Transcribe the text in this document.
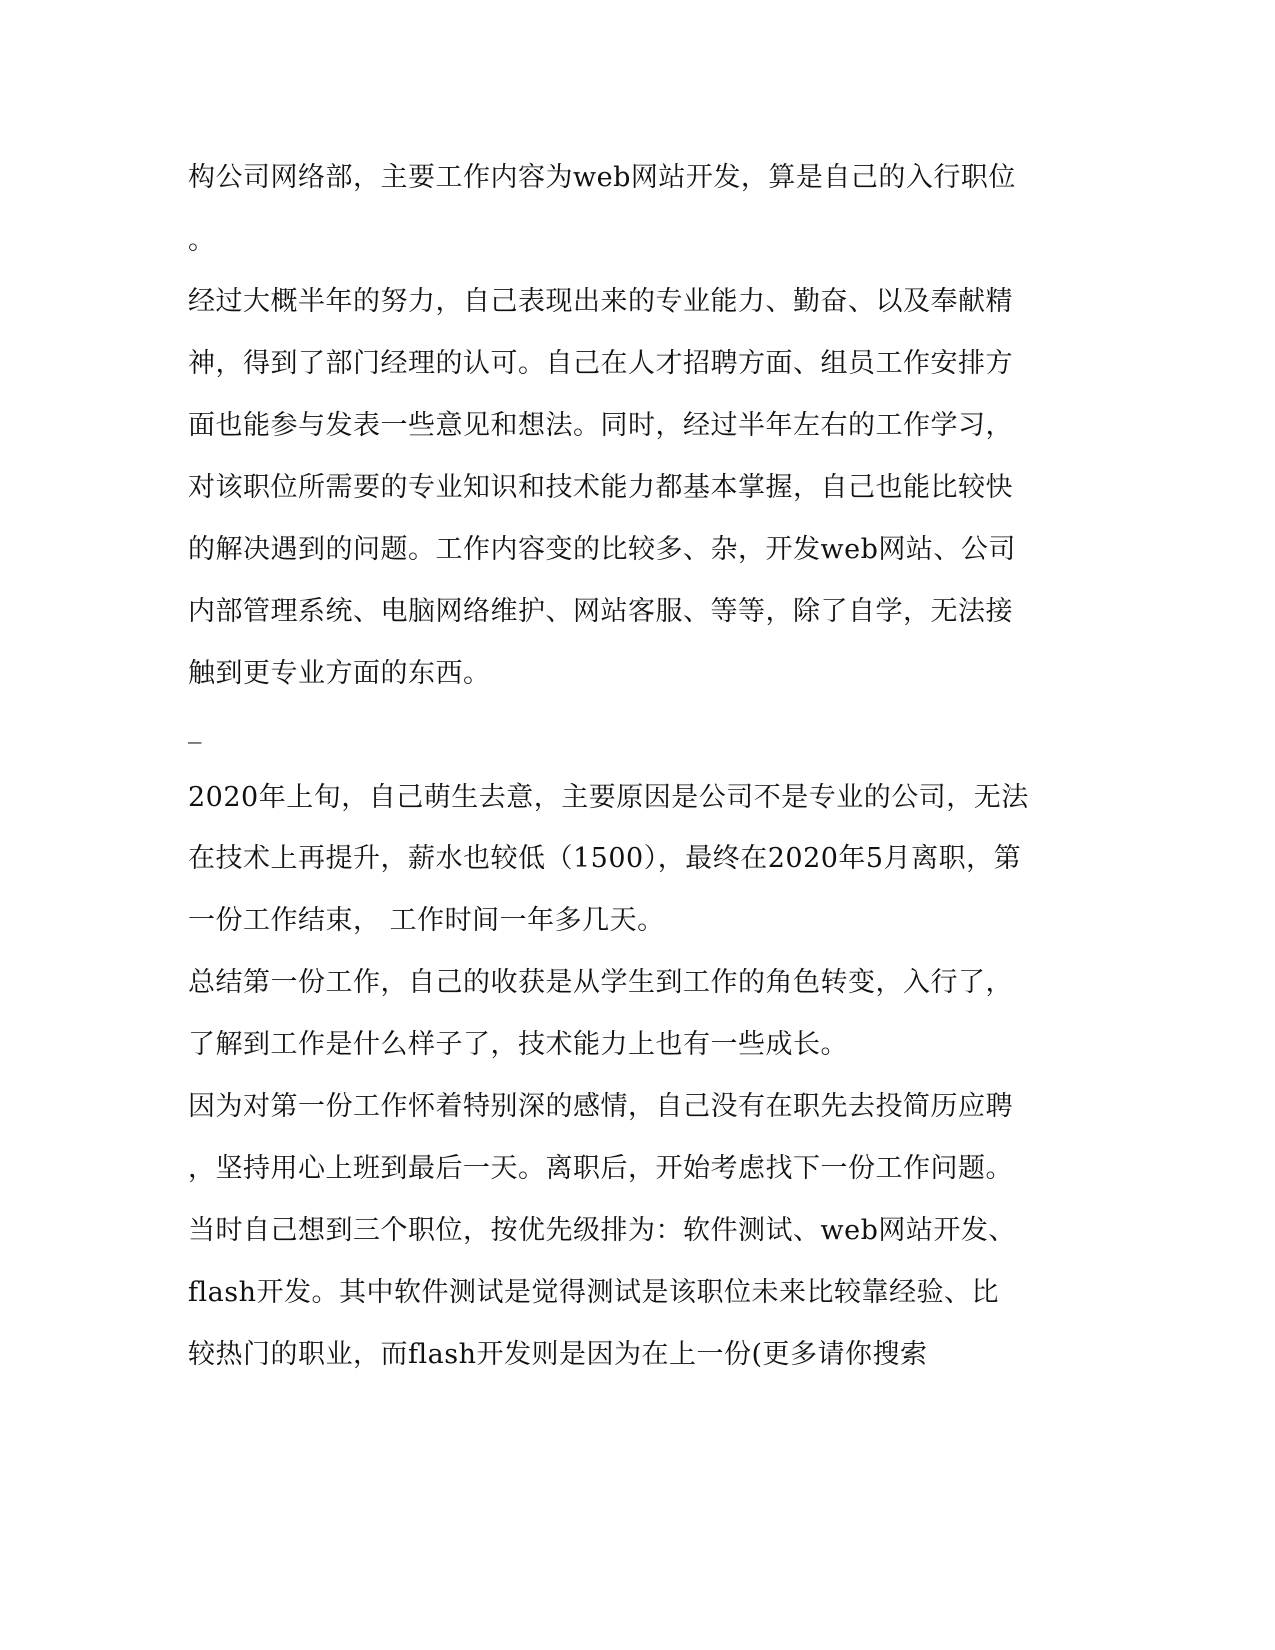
构公司网络部，主要工作内容为web网站开发，算是自己的入行职位
。
经过大概半年的努力，自己表现出来的专业能力、勤奋、以及奉献精
神，得到了部门经理的认可。自己在人才招聘方面、组员工作安排方
面也能参与发表一些意见和想法。同时，经过半年左右的工作学习，
对该职位所需要的专业知识和技术能力都基本掌握，自己也能比较快
的解决遇到的问题。工作内容变的比较多、杂，开发web网站、公司
内部管理系统、电脑网络维护、网站客服、等等，除了自学，无法接
触到更专业方面的东西。
_
2020年上旬，自己萌生去意，主要原因是公司不是专业的公司，无法
在技术上再提升，薪水也较低（1500），最终在2020年5月离职，第
一份工作结束， 工作时间一年多几天。
总结第一份工作，自己的收获是从学生到工作的角色转变，入行了，
了解到工作是什么样子了，技术能力上也有一些成长。
因为对第一份工作怀着特别深的感情，自己没有在职先去投简历应聘
，坚持用心上班到最后一天。离职后，开始考虑找下一份工作问题。
当时自己想到三个职位，按优先级排为：软件测试、web网站开发、
flash开发。其中软件测试是觉得测试是该职位未来比较靠经验、比
较热门的职业，而flash开发则是因为在上一份(更多请你搜索
